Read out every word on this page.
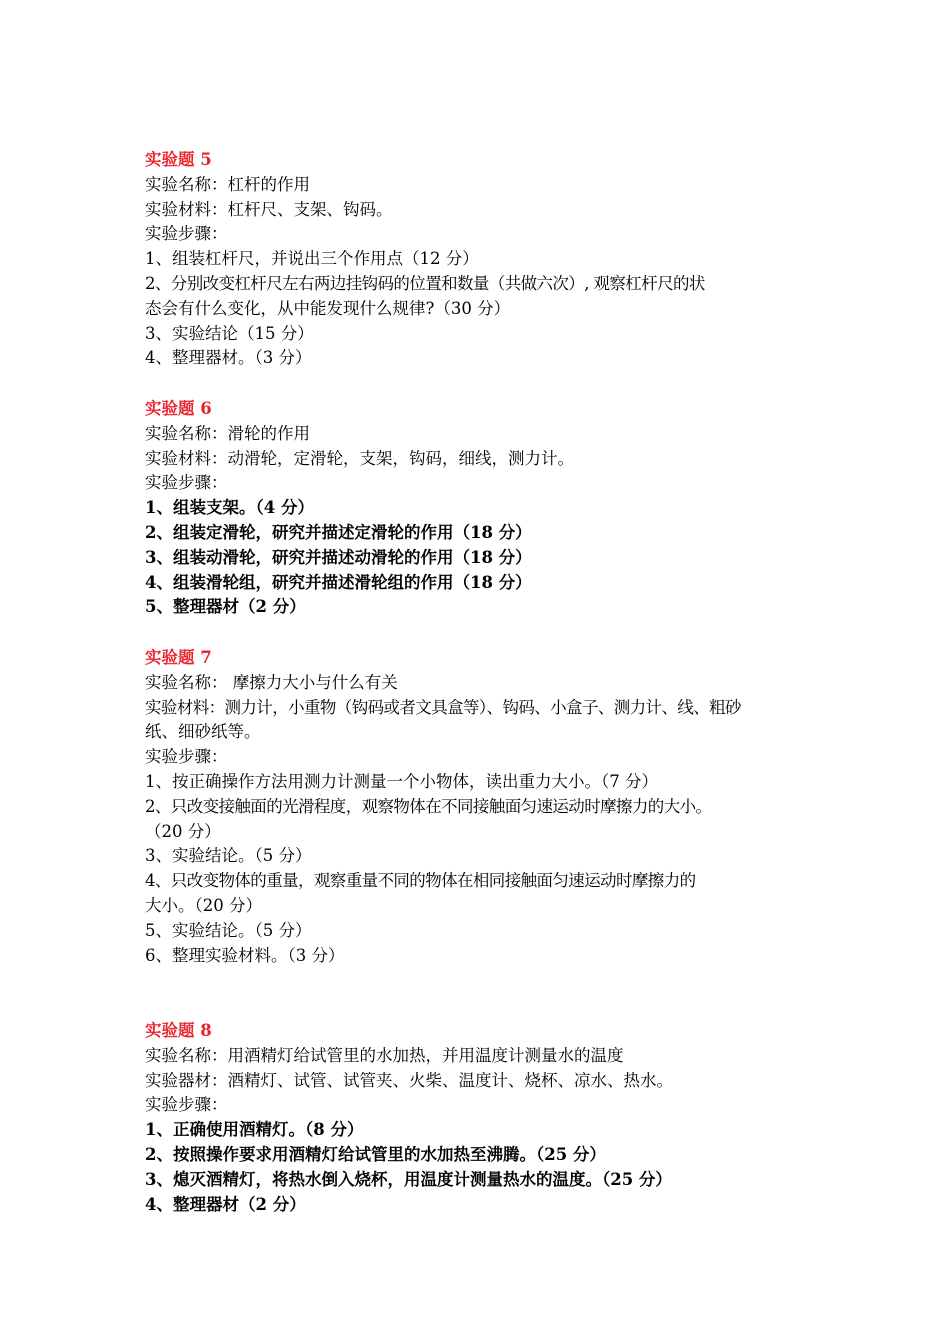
实验题 5
实验名称：杠杆的作用
实验材料：杠杆尺、支架、钩码。
实验步骤：
1、组装杠杆尺，并说出三个作用点（12 分）
2、分别改变杠杆尺左右两边挂钩码的位置和数量（共做六次）, 观察杠杆尺的状
态会有什么变化，从中能发现什么规律?（30 分）
3、实验结论（15 分）
4、整理器材。（3 分）
实验题 6
实验名称：滑轮的作用
实验材料：动滑轮，定滑轮，支架，钩码，细线，测力计。
实验步骤：
1、组装支架。（4 分）
2、组装定滑轮，研究并描述定滑轮的作用（18 分）
3、组装动滑轮，研究并描述动滑轮的作用（18 分）
4、组装滑轮组，研究并描述滑轮组的作用（18 分）
5、整理器材（2 分）
实验题 7
实验名称： 摩擦力大小与什么有关
实验材料：测力计，小重物（钩码或者文具盒等）、钩码、小盒子、测力计、线、粗砂
纸、细砂纸等。
实验步骤：
1、按正确操作方法用测力计测量一个小物体，读出重力大小。（7 分）
2、只改变接触面的光滑程度，观察物体在不同接触面匀速运动时摩擦力的大小。
（20 分）
3、实验结论。（5 分）
4、只改变物体的重量，观察重量不同的物体在相同接触面匀速运动时摩擦力的
大小。（20 分）
5、实验结论。（5 分）
6、整理实验材料。（3 分）
实验题 8
实验名称：用酒精灯给试管里的水加热，并用温度计测量水的温度
实验器材：酒精灯、试管、试管夹、火柴、温度计、烧杯、凉水、热水。
实验步骤：
1、正确使用酒精灯。（8 分）
2、按照操作要求用酒精灯给试管里的水加热至沸腾。（25 分）
3、熄灭酒精灯，将热水倒入烧杯，用温度计测量热水的温度。（25 分）
4、整理器材（2 分）
